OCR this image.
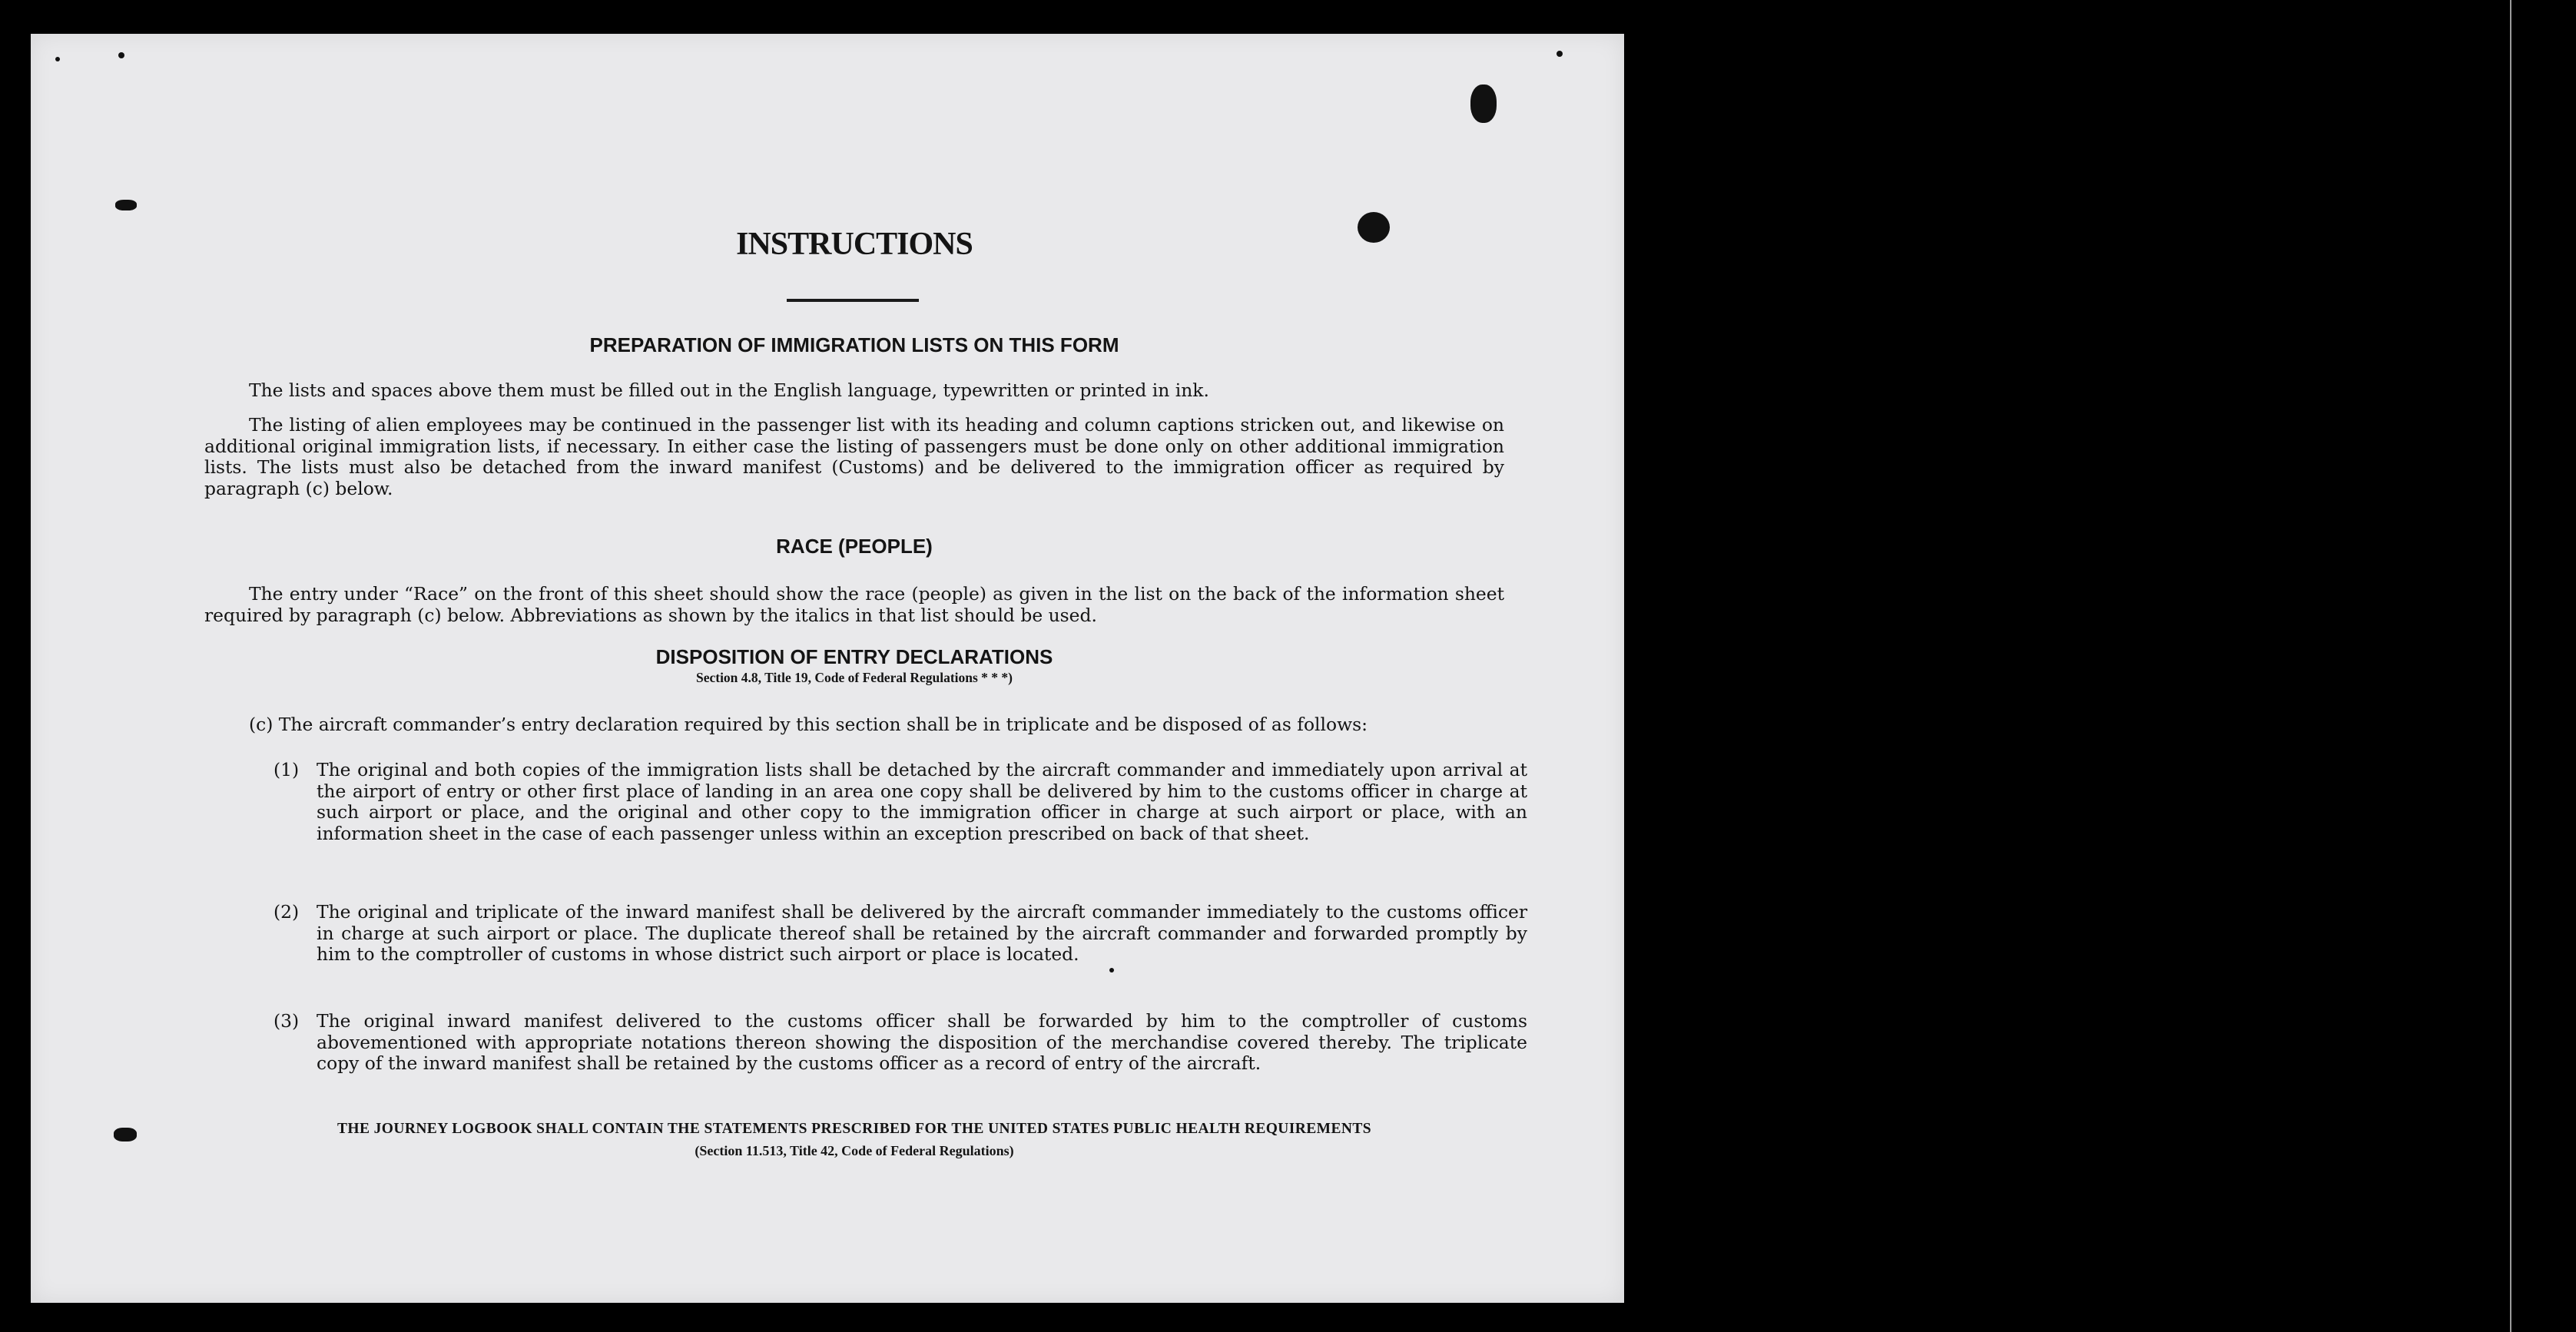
INSTRUCTIONS
PREPARATION OF IMMIGRATION LISTS ON THIS FORM

The lists and spaces above them must be filled out in the English language, typewritten or printed in ink.

The listing of alien employees may be continued in the passenger list with its heading and column captions stricken out, and likewise on additional original immigration lists, if necessary. In either case the listing of passengers must be done only on other additional immigration lists. The lists must also be detached from the inward manifest (Customs) and be delivered to the immigration officer as required by paragraph (c) below.

RACE (PEOPLE)

The entry under “Race” on the front of this sheet should show the race (people) as given in the list on the back of the information sheet required by paragraph (c) below. Abbreviations as shown by the italics in that list should be used.

DISPOSITION OF ENTRY DECLARATIONS

Section 4.8, Title 19, Code of Federal Regulations * * *)

(c) The aircraft commander’s entry declaration required by this section shall be in triplicate and be disposed of as follows:

(1) The original and both copies of the immigration lists shall be detached by the aircraft commander and immediately upon arrival at the airport of entry or other first place of landing in an area one copy shall be delivered by him to the customs officer in charge at such airport or place, and the original and other copy to the immigration officer in charge at such airport or place, with an information sheet in the case of each passenger unless within an exception prescribed on back of that sheet.
(2) The original and triplicate of the inward manifest shall be delivered by the aircraft commander immediately to the customs officer in charge at such airport or place. The duplicate thereof shall be retained by the aircraft commander and forwarded promptly by him to the comptroller of customs in whose district such airport or place is located.
(3) The original inward manifest delivered to the customs officer shall be forwarded by him to the comptroller of customs abovementioned with appropriate notations thereon showing the disposition of the merchandise covered thereby. The triplicate copy of the inward manifest shall be retained by the customs officer as a record of entry of the aircraft.

THE JOURNEY LOGBOOK SHALL CONTAIN THE STATEMENTS PRESCRIBED FOR THE UNITED STATES PUBLIC HEALTH REQUIREMENTS

(Section 11.513, Title 42, Code of Federal Regulations)
